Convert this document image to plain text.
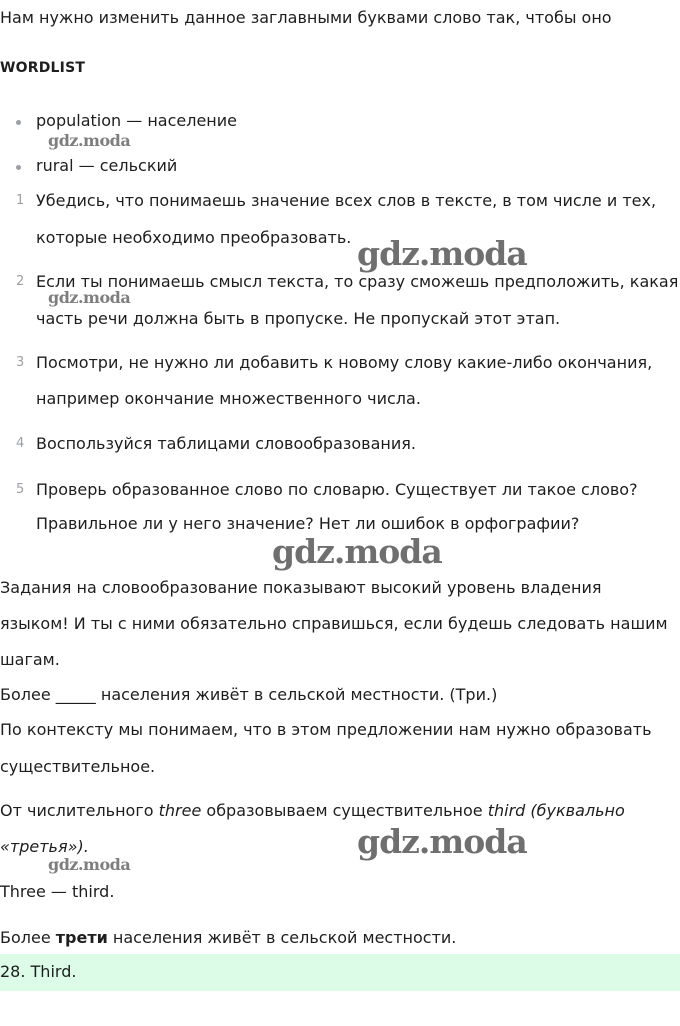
Нам нужно изменить данное заглавными буквами слово так, чтобы оно
WORDLIST
population — население
rural — сельский
1 Убедись, что понимаешь значение всех слов в тексте, в том числе и тех,
которые необходимо преобразовать.
2 Если ты понимаешь смысл текста, то сразу сможешь предположить, какая
часть речи должна быть в пропуске. Не пропускай этот этап.
3 Посмотри, не нужно ли добавить к новому слову какие-либо окончания,
например окончание множественного числа.
4 Воспользуйся таблицами словообразования.
5 Проверь образованное слово по словарю. Существует ли такое слово?
Правильное ли у него значение? Нет ли ошибок в орфографии?
Задания на словообразование показывают высокий уровень владения
языком! И ты с ними обязательно справишься, если будешь следовать нашим
шагам.
Более _____ населения живёт в сельской местности. (Три.)
По контексту мы понимаем, что в этом предложении нам нужно образовать
существительное.
От числительного three образовываем существительное third (буквально
«третья»).
Three — third.
Более трети населения живёт в сельской местности.
28. Third.
gdz.moda
gdz.moda
gdz.moda
gdz.moda
gdz.moda
gdz.moda
